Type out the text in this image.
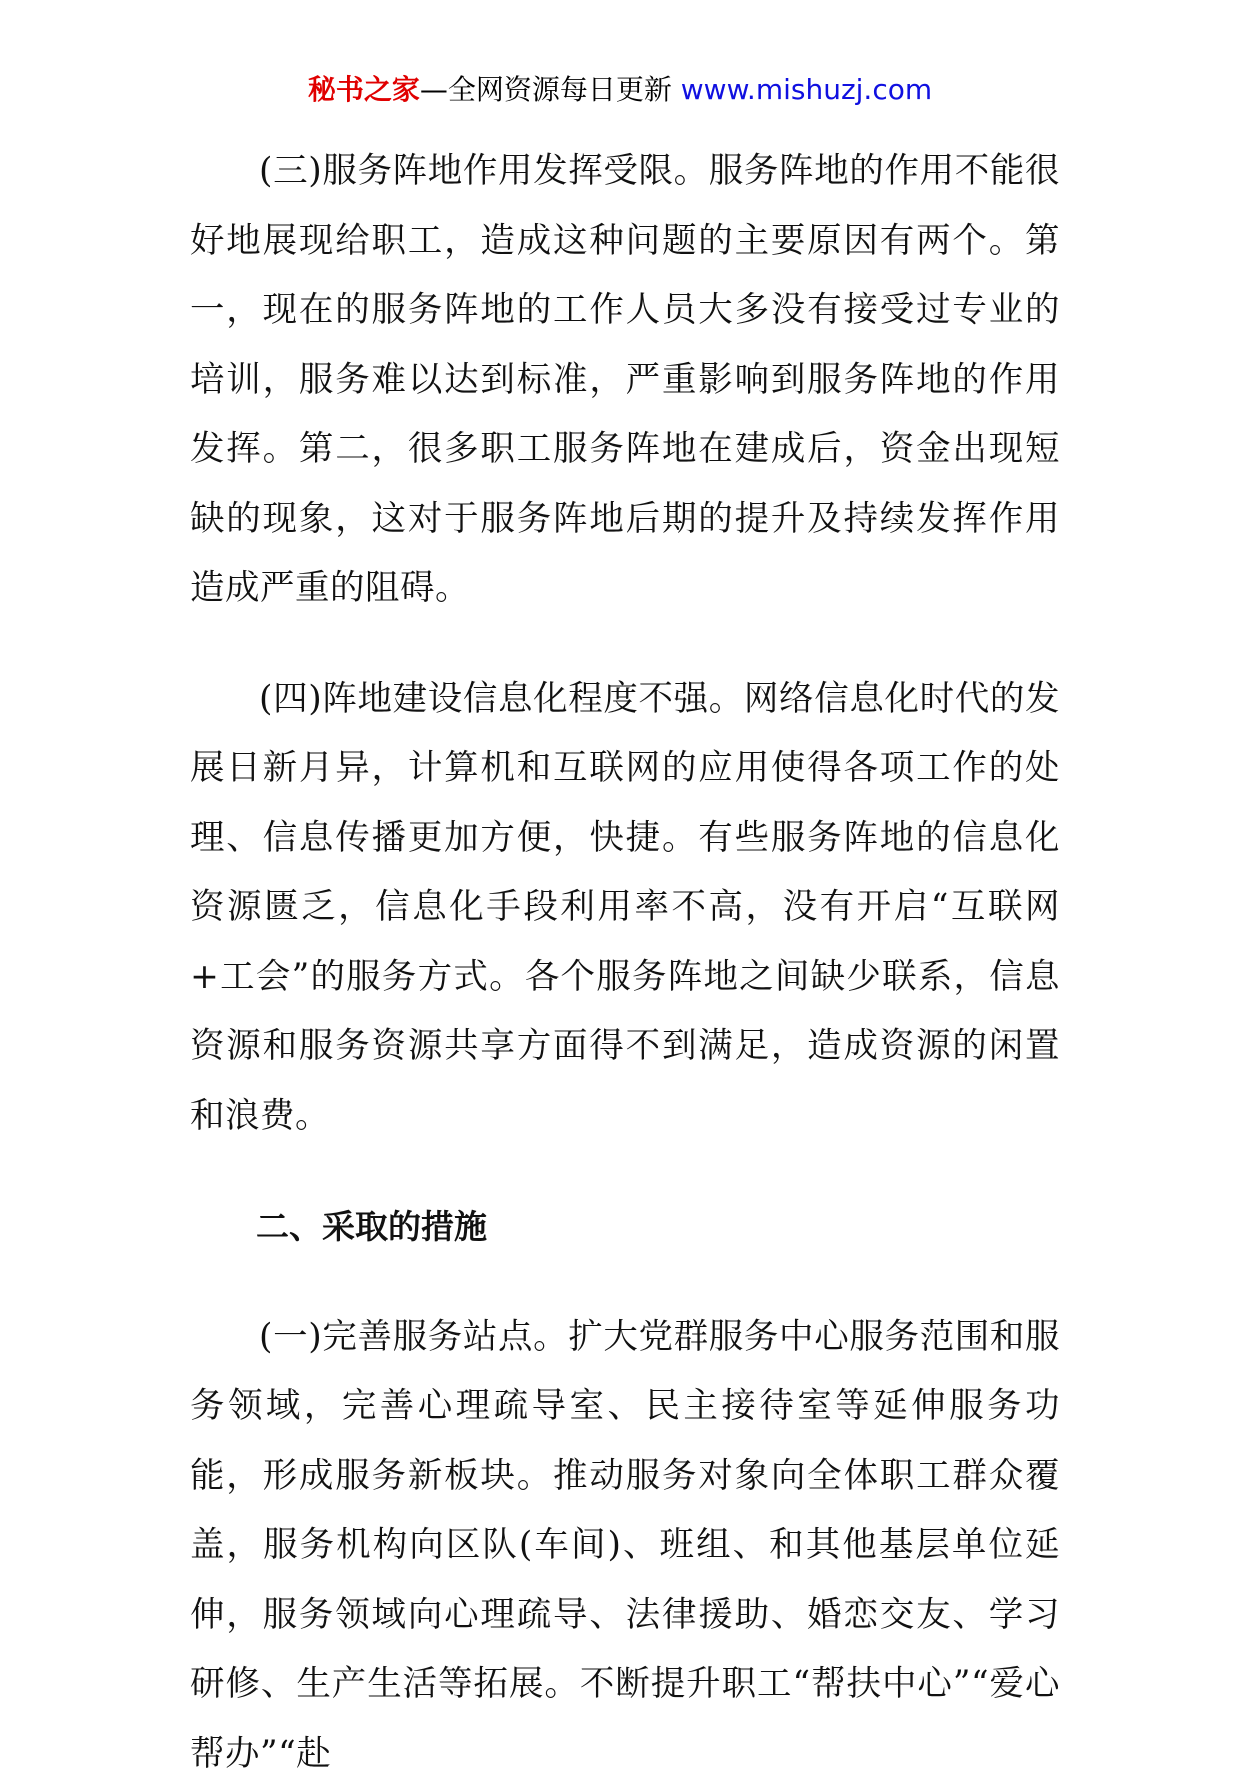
秘书之家—全网资源每日更新 www.mishuzj.com

(三)服务阵地作用发挥受限。服务阵地的作用不能很好地展现给职工，造成这种问题的主要原因有两个。第一，现在的服务阵地的工作人员大多没有接受过专业的培训，服务难以达到标准，严重影响到服务阵地的作用发挥。第二，很多职工服务阵地在建成后，资金出现短缺的现象，这对于服务阵地后期的提升及持续发挥作用造成严重的阻碍。

(四)阵地建设信息化程度不强。网络信息化时代的发展日新月异，计算机和互联网的应用使得各项工作的处理、信息传播更加方便，快捷。有些服务阵地的信息化资源匮乏，信息化手段利用率不高，没有开启“互联网+工会”的服务方式。各个服务阵地之间缺少联系，信息资源和服务资源共享方面得不到满足，造成资源的闲置和浪费。

二、采取的措施

(一)完善服务站点。扩大党群服务中心服务范围和服务领域，完善心理疏导室、民主接待室等延伸服务功能，形成服务新板块。推动服务对象向全体职工群众覆盖，服务机构向区队(车间)、班组、和其他基层单位延伸，服务领域向心理疏导、法律援助、婚恋交友、学习研修、生产生活等拓展。不断提升职工“帮扶中心”“爱心帮办”“赴
